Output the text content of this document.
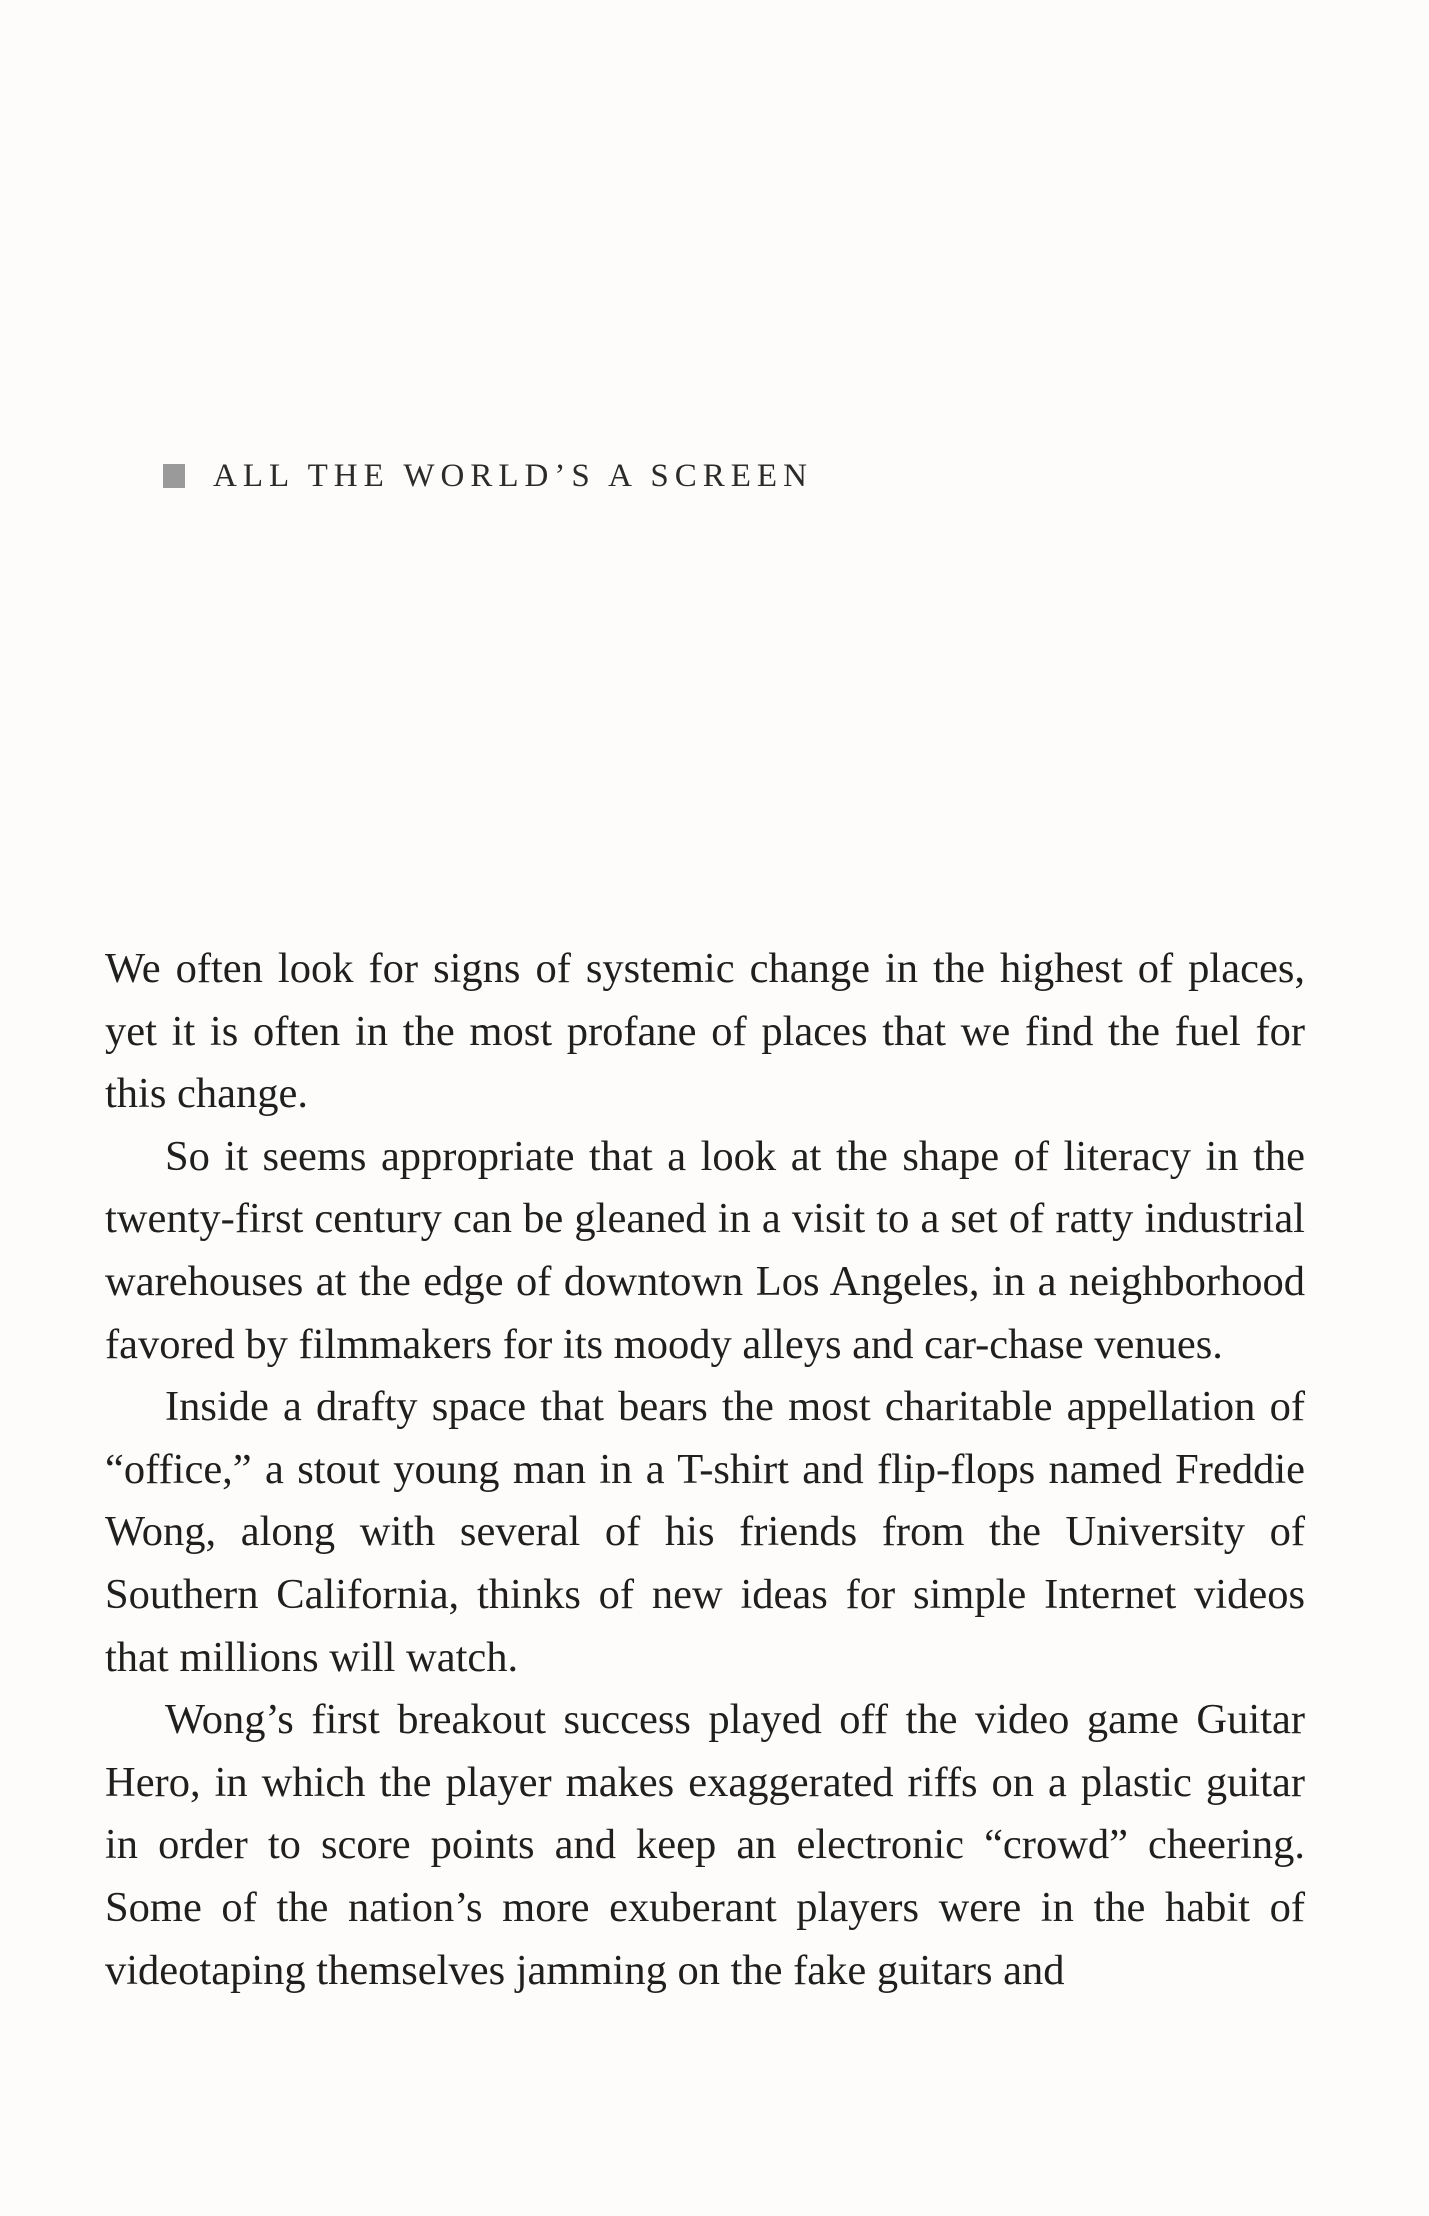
ALL THE WORLD’S A SCREEN

We often look for signs of systemic change in the highest of places, yet it is often in the most profane of places that we find the fuel for this change.

So it seems appropriate that a look at the shape of literacy in the twenty-first century can be gleaned in a visit to a set of ratty industrial warehouses at the edge of downtown Los Angeles, in a neighborhood favored by filmmakers for its moody alleys and car-chase venues.

Inside a drafty space that bears the most charitable appellation of “office,” a stout young man in a T-shirt and flip-flops named Freddie Wong, along with several of his friends from the University of Southern California, thinks of new ideas for simple Internet videos that millions will watch.

Wong’s first breakout success played off the video game Guitar Hero, in which the player makes exaggerated riffs on a plastic guitar in order to score points and keep an electronic “crowd” cheering. Some of the nation’s more exuberant players were in the habit of videotaping themselves jamming on the fake guitars and
